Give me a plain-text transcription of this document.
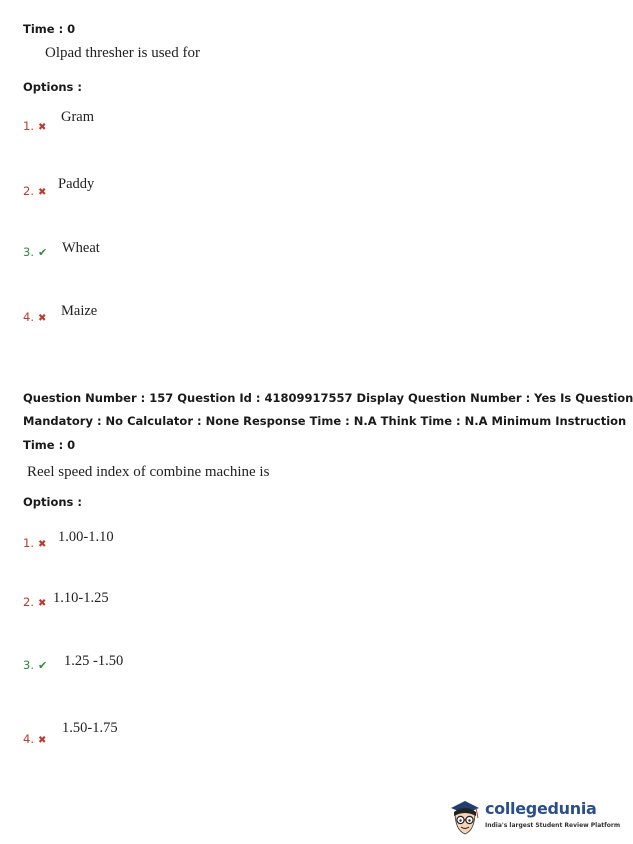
Time : 0
Olpad thresher is used for
Options :
1. ✖
Gram
2. ✖
Paddy
3. ✔ Wheat
4. ✖ Maize
Question Number : 157 Question Id : 41809917557 Display Question Number : Yes Is Question
Mandatory : No Calculator : None Response Time : N.A Think Time : N.A Minimum Instruction
Time : 0
Reel speed index of combine machine is
Options :
1. ✖ 1.00-1.10
2. ✖ 1.10-1.25
3. ✔ 1.25 -1.50
4. ✖
1.50-1.75
collegedunia
India's largest Student Review Platform
